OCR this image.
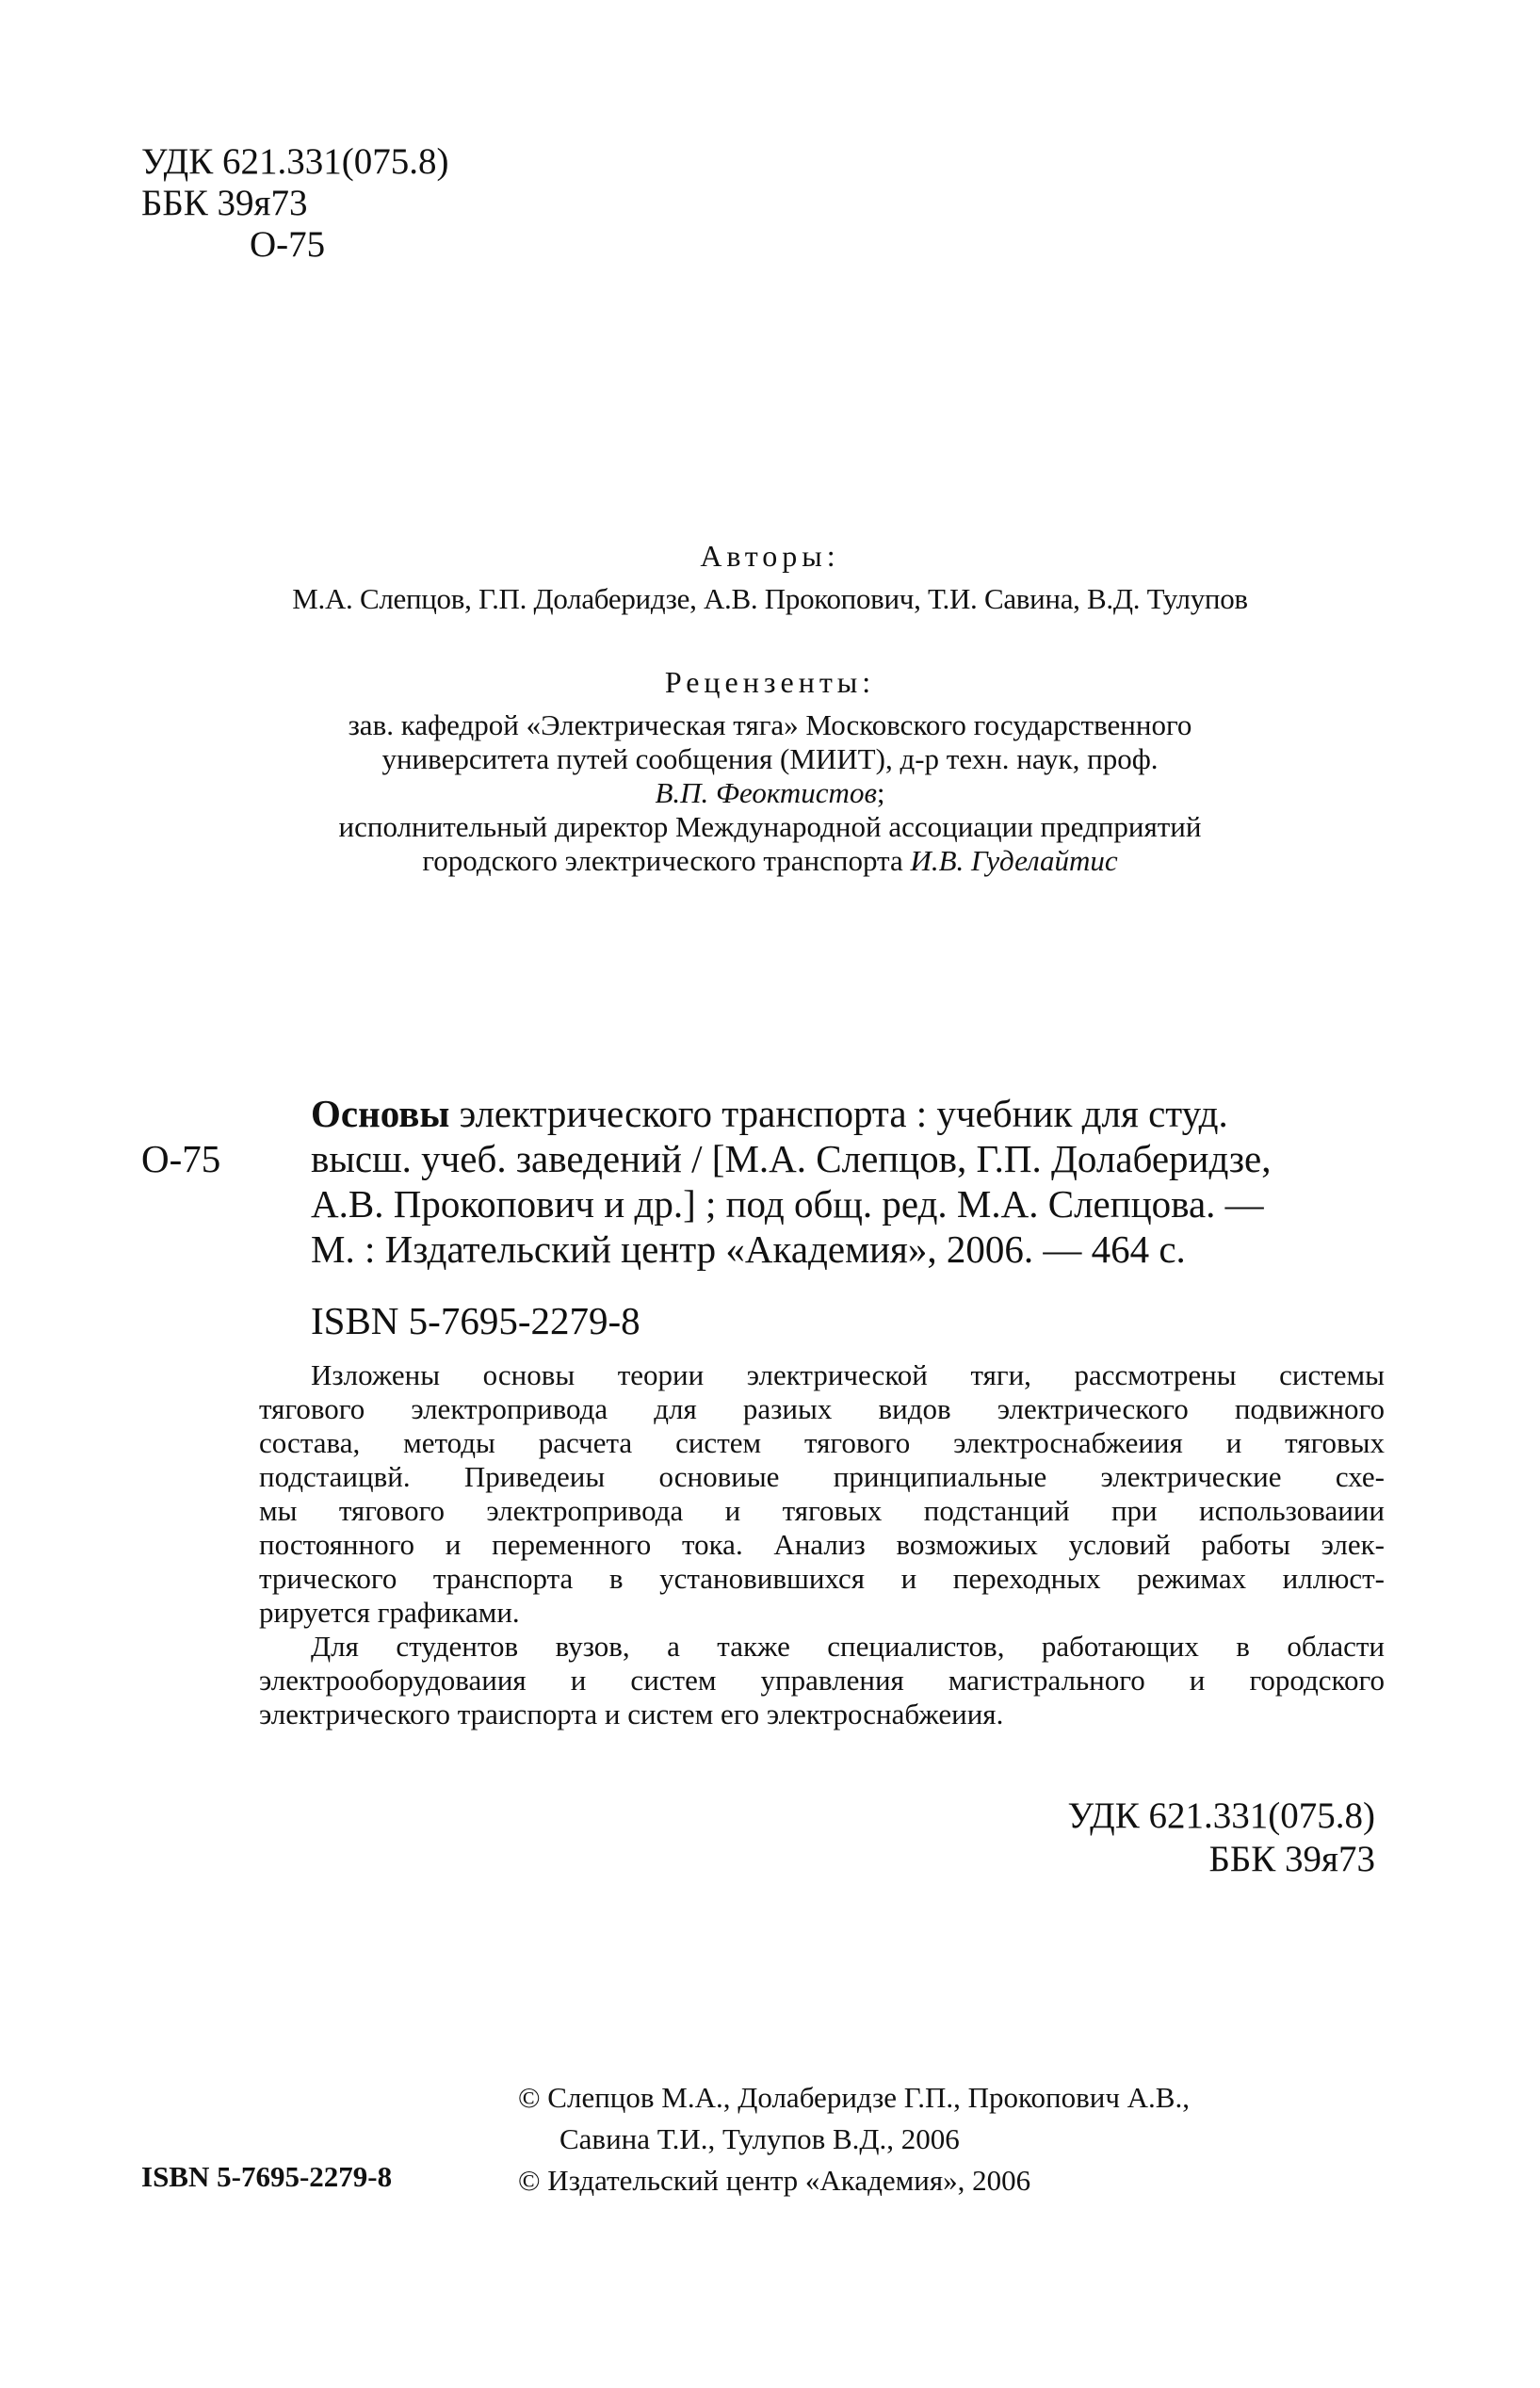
УДК 621.331(075.8)
ББК 39я73
О-75
Авторы:
М.А. Слепцов, Г.П. Долаберидзе, А.В. Прокопович, Т.И. Савина, В.Д. Тулупов
Рецензенты:
зав. кафедрой «Электрическая тяга» Московского государственного
университета путей сообщения (МИИТ), д-р техн. наук, проф.
В.П. Феоктистов;
исполнительный директор Международной ассоциации предприятий
городского электрического транспорта И.В. Гуделайтис
О-75
Основы электрического транспорта : учебник для студ.
высш. учеб. заведений / [М.А. Слепцов, Г.П. Долаберидзе,
А.В. Прокопович и др.] ; под общ. ред. М.А. Слепцова. —
М. : Издательский центр «Академия», 2006. — 464 с.
ISBN 5-7695-2279-8
Изложены основы теории электрической тяги, рассмотрены системы
тягового электропривода для разиых видов электрического подвижного
состава, методы расчета систем тягового электроснабжеиия и тяговых
подстаицвй. Приведеиы основиые принципиальные электрические схе-
мы тягового электропривода и тяговых подстанций при использоваиии
постоянного и переменного тока. Анализ возможиых условий работы элек-
трического транспорта в установившихся и переходных режимах иллюст-
рируется графиками.
Для студентов вузов, а также специалистов, работающих в области
электрооборудоваиия и систем управления магистрального и городского
электрического траиспорта и систем его электроснабжеиия.
УДК 621.331(075.8)
ББК 39я73
ISBN 5-7695-2279-8
© Слепцов М.А., Долаберидзе Г.П., Прокопович А.В.,
Савина Т.И., Тулупов В.Д., 2006
© Издательский центр «Академия», 2006
